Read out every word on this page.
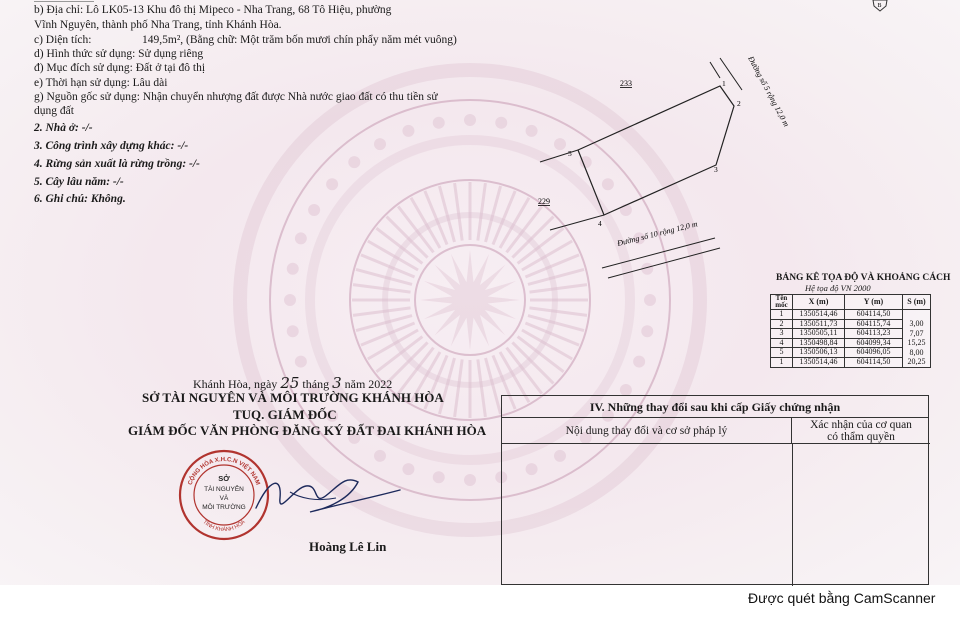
233
229
Đường số 5 rộng 12,0 m
Đường số 10 rộng 12,0 m
1
2
3
4
5
B
b) Địa chỉ: Lô LK05-13 Khu đô thị Mipeco - Nha Trang, 68 Tô Hiệu, phường
Vĩnh Nguyên, thành phố Nha Trang, tỉnh Khánh Hòa.
c) Diện tích:	149,5m², (Bằng chữ: Một trăm bốn mươi chín phẩy năm mét vuông)
d) Hình thức sử dụng: Sử dụng riêng
đ) Mục đích sử dụng: Đất ở tại đô thị
e) Thời hạn sử dụng: Lâu dài
g) Nguồn gốc sử dụng: Nhận chuyển nhượng đất được Nhà nước giao đất có thu tiền sử
dụng đất
2. Nhà ở: -/-
3. Công trình xây dựng khác: -/-
4. Rừng sản xuất là rừng trồng: -/-
5. Cây lâu năm: -/-
6. Ghi chú: Không.
BẢNG KÊ TỌA ĐỘ VÀ KHOẢNG CÁCH
Hệ tọa độ VN 2000
Tên mốc	X (m)	Y (m)	S (m)
1	1350514,46	604114,50	
2	1350511,73	604115,74	3,00
3	1350505,11	604113,23	7,07
4	1350498,84	604099,34	15,25
5	1350506,13	604096,05	8,00
1	1350514,46	604114,50	20,25
Khánh Hòa, ngày 25 tháng 3 năm 2022
SỞ TÀI NGUYÊN VÀ MÔI TRƯỜNG KHÁNH HÒA
TUQ. GIÁM ĐỐC
GIÁM ĐỐC VĂN PHÒNG ĐĂNG KÝ ĐẤT ĐAI KHÁNH HÒA
CỘNG HÒA X.H.C.N VIỆT NAM
TỈNH KHÁNH HÒA
SỞ
TÀI NGUYÊN
VÀ
MÔI TRƯỜNG
Hoàng Lê Lin
IV. Những thay đổi sau khi cấp Giấy chứng nhận
Nội dung thay đổi và cơ sở pháp lý	Xác nhận của cơ quan
có thẩm quyền
Được quét bằng CamScanner
